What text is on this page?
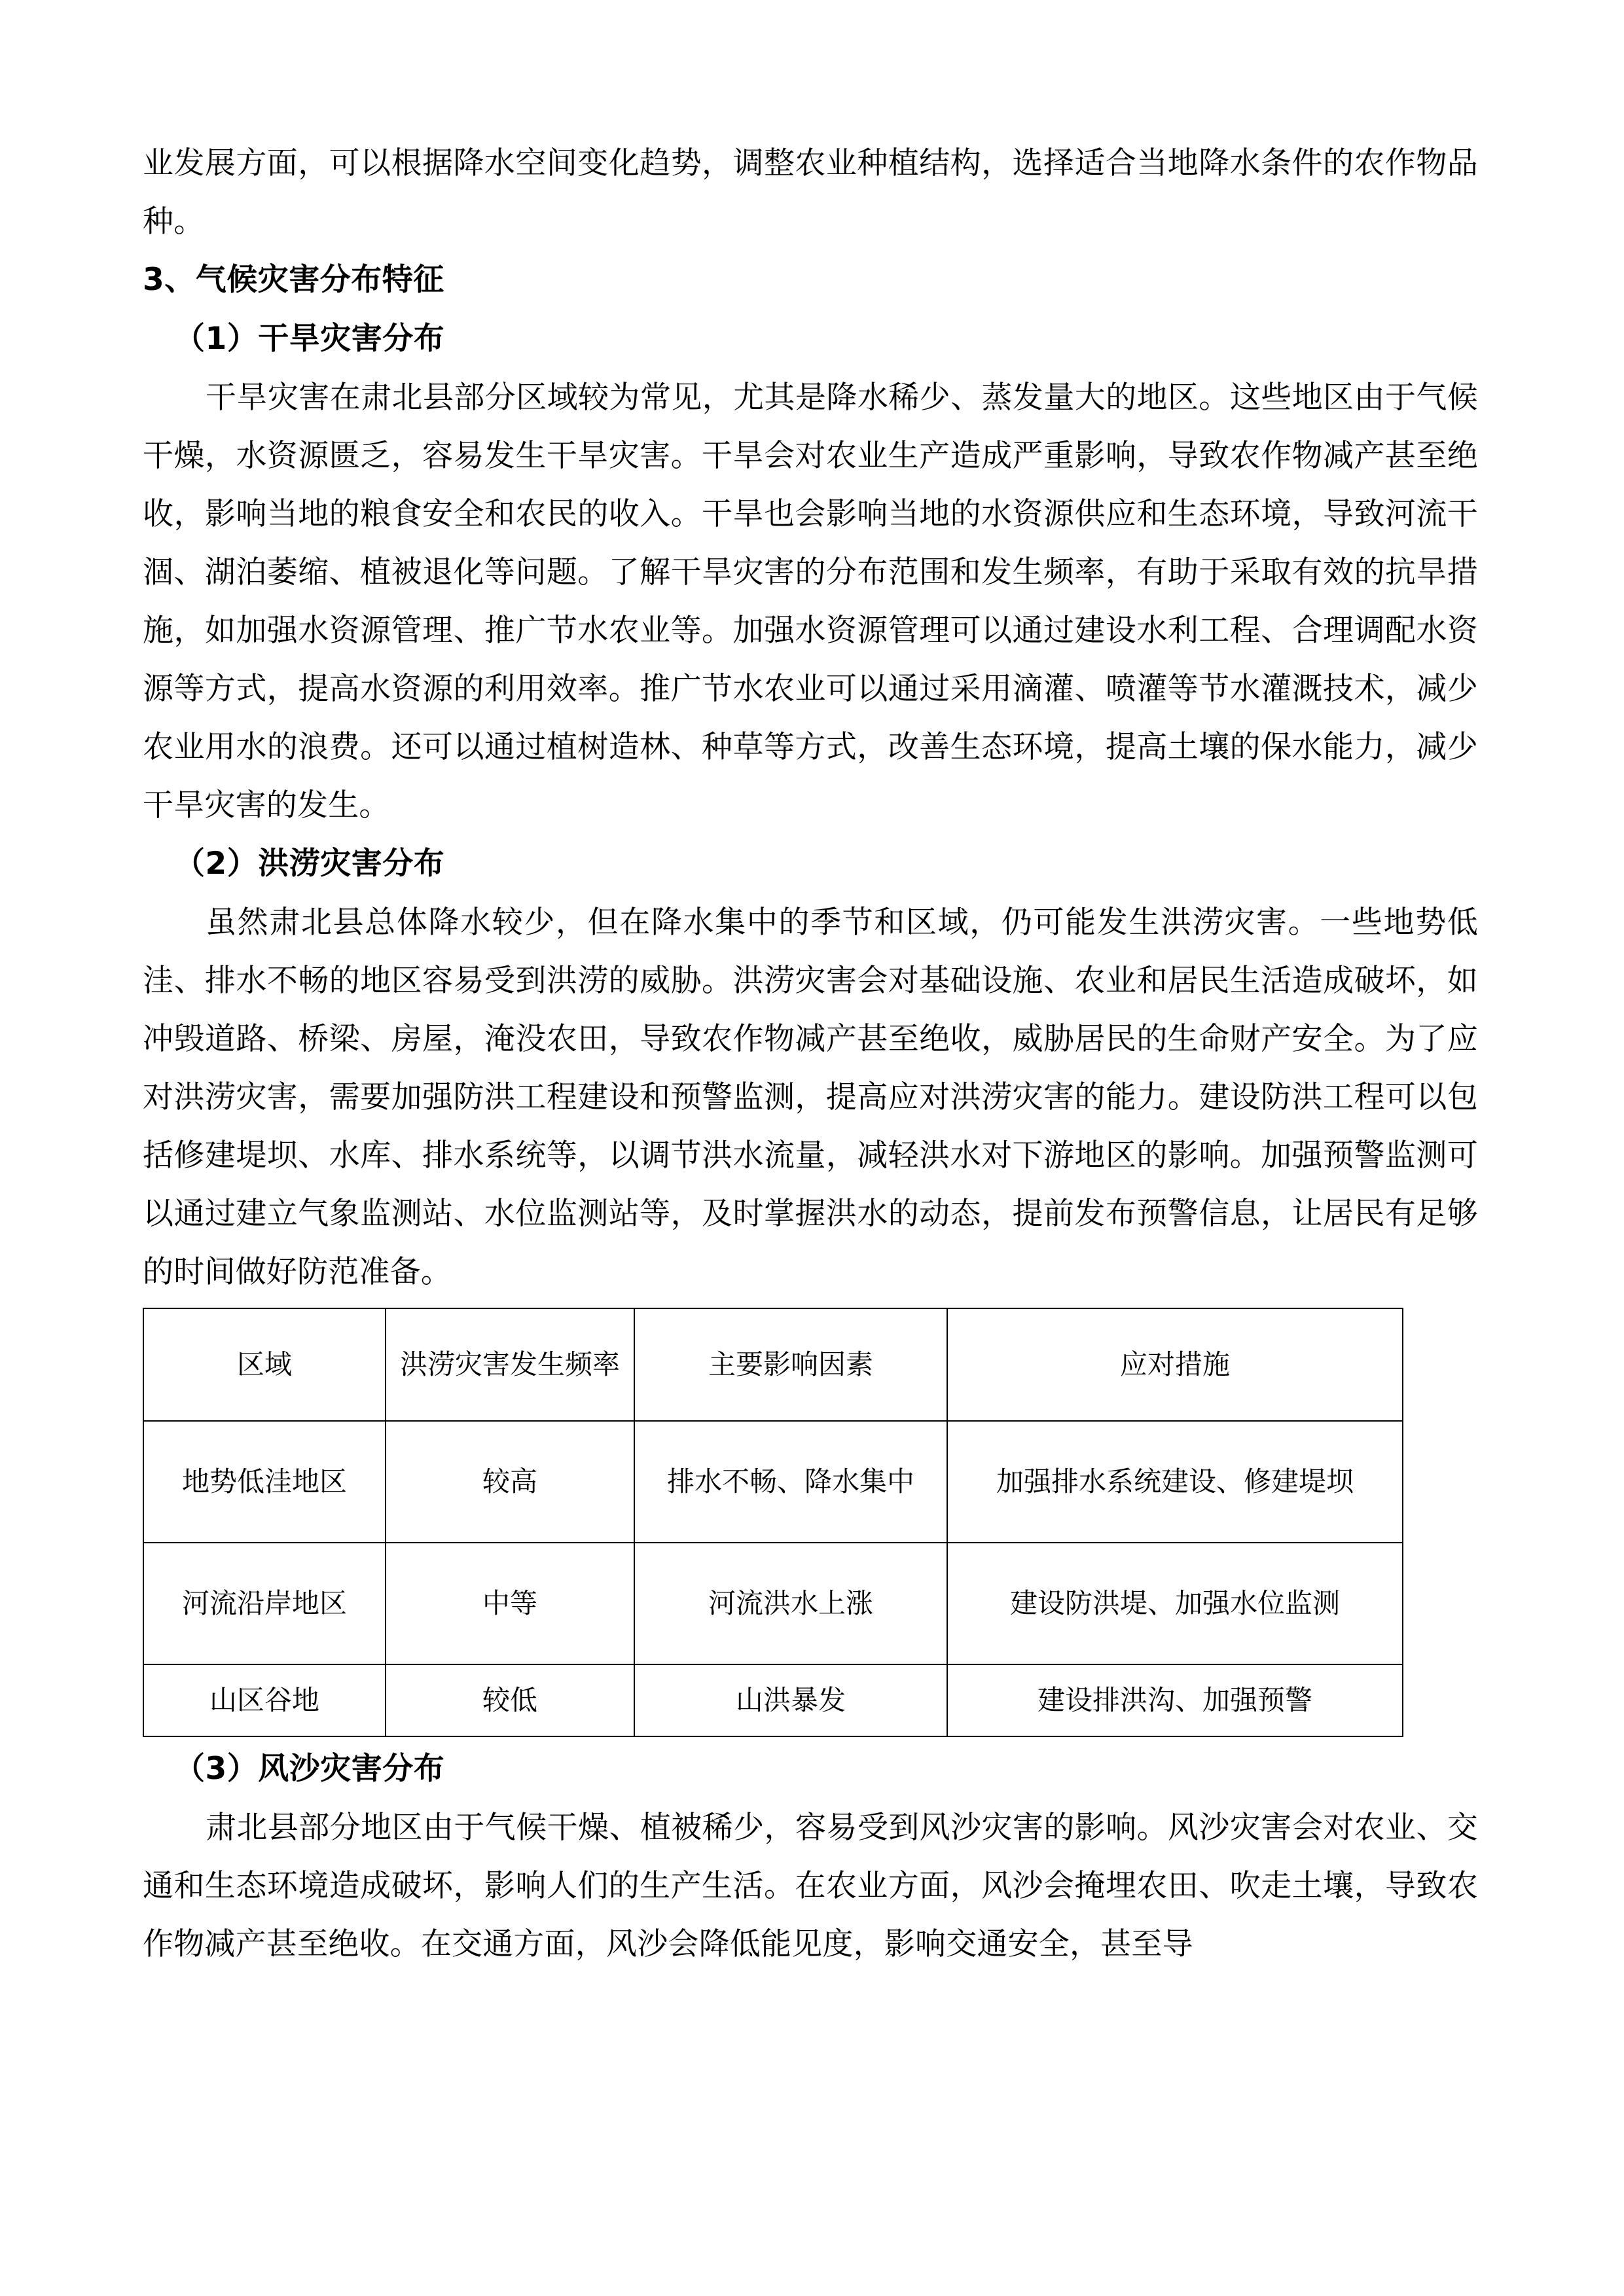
业发展方面，可以根据降水空间变化趋势，调整农业种植结构，选择适合当地降水条件的农作物品种。

3、气候灾害分布特征
（1）干旱灾害分布

干旱灾害在肃北县部分区域较为常见，尤其是降水稀少、蒸发量大的地区。这些地区由于气候干燥，水资源匮乏，容易发生干旱灾害。干旱会对农业生产造成严重影响，导致农作物减产甚至绝收，影响当地的粮食安全和农民的收入。干旱也会影响当地的水资源供应和生态环境，导致河流干涸、湖泊萎缩、植被退化等问题。了解干旱灾害的分布范围和发生频率，有助于采取有效的抗旱措施，如加强水资源管理、推广节水农业等。加强水资源管理可以通过建设水利工程、合理调配水资源等方式，提高水资源的利用效率。推广节水农业可以通过采用滴灌、喷灌等节水灌溉技术，减少农业用水的浪费。还可以通过植树造林、种草等方式，改善生态环境，提高土壤的保水能力，减少干旱灾害的发生。

（2）洪涝灾害分布

虽然肃北县总体降水较少，但在降水集中的季节和区域，仍可能发生洪涝灾害。一些地势低洼、排水不畅的地区容易受到洪涝的威胁。洪涝灾害会对基础设施、农业和居民生活造成破坏，如冲毁道路、桥梁、房屋，淹没农田，导致农作物减产甚至绝收，威胁居民的生命财产安全。为了应对洪涝灾害，需要加强防洪工程建设和预警监测，提高应对洪涝灾害的能力。建设防洪工程可以包括修建堤坝、水库、排水系统等，以调节洪水流量，减轻洪水对下游地区的影响。加强预警监测可以通过建立气象监测站、水位监测站等，及时掌握洪水的动态，提前发布预警信息，让居民有足够的时间做好防范准备。

区域	洪涝灾害发生频率	主要影响因素	应对措施
地势低洼地区	较高	排水不畅、降水集中	加强排水系统建设、修建堤坝
河流沿岸地区	中等	河流洪水上涨	建设防洪堤、加强水位监测
山区谷地	较低	山洪暴发	建设排洪沟、加强预警
（3）风沙灾害分布

肃北县部分地区由于气候干燥、植被稀少，容易受到风沙灾害的影响。风沙灾害会对农业、交通和生态环境造成破坏，影响人们的生产生活。在农业方面，风沙会掩埋农田、吹走土壤，导致农作物减产甚至绝收。在交通方面，风沙会降低能见度，影响交通安全，甚至导
